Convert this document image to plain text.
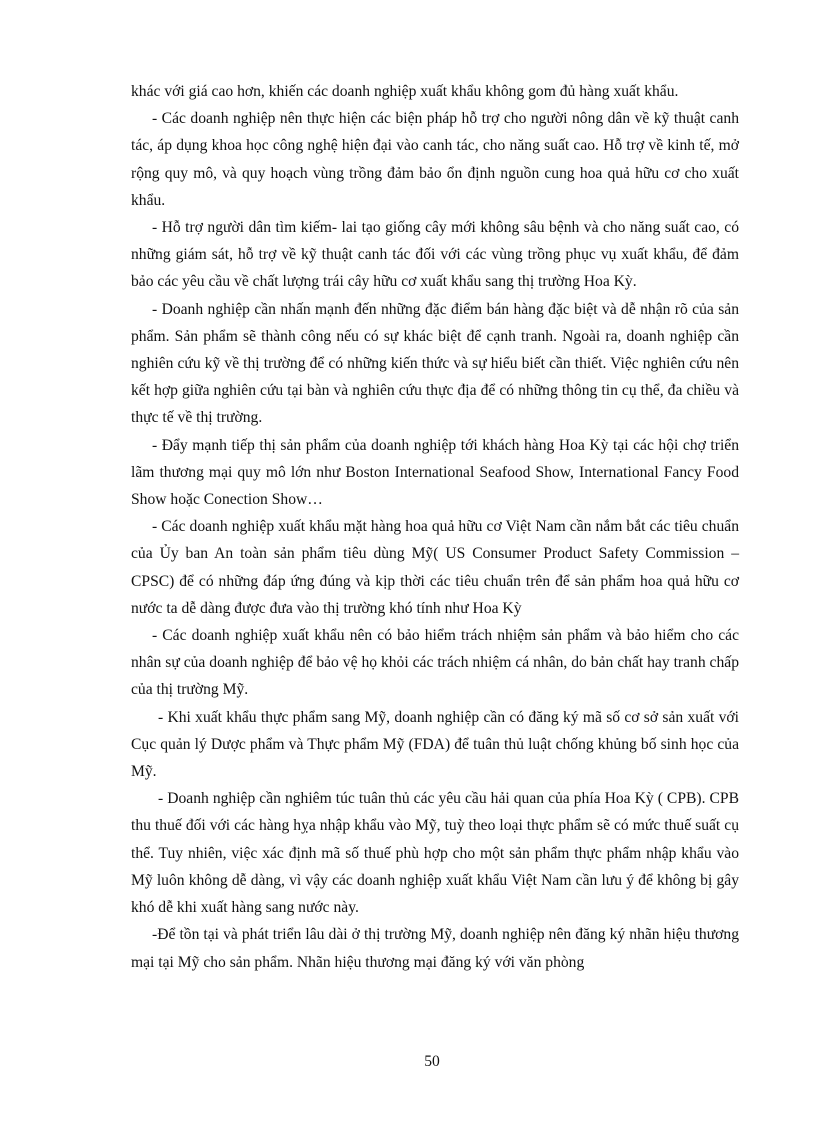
khác với giá cao hơn, khiến các doanh nghiệp xuất khẩu không gom đủ hàng xuất khẩu.

- Các doanh nghiệp nên thực hiện các biện pháp hỗ trợ cho người nông dân về kỹ thuật canh tác, áp dụng khoa học công nghệ hiện đại vào canh tác, cho năng suất cao. Hỗ trợ về kinh tế, mở rộng quy mô, và quy hoạch vùng trồng đảm bảo ổn định nguồn cung hoa quả hữu cơ cho xuất khẩu.

- Hỗ trợ người dân tìm kiếm- lai tạo giống cây mới không sâu bệnh và cho năng suất cao, có những giám sát, hỗ trợ về kỹ thuật canh tác đối với các vùng trồng phục vụ xuất khẩu, để đảm bảo các yêu cầu về chất lượng trái cây hữu cơ xuất khẩu sang thị trường Hoa Kỳ.

- Doanh nghiệp cần nhấn mạnh đến những đặc điểm bán hàng đặc biệt và dễ nhận rõ của sản phẩm. Sản phẩm sẽ thành công nếu có sự khác biệt để cạnh tranh. Ngoài ra, doanh nghiệp cần nghiên cứu kỹ về thị trường để có những kiến thức và sự hiểu biết cần thiết. Việc nghiên cứu nên kết hợp giữa nghiên cứu tại bàn và nghiên cứu thực địa để có những thông tin cụ thể, đa chiều và thực tế về thị trường.

- Đẩy mạnh tiếp thị sản phẩm của doanh nghiệp tới khách hàng Hoa Kỳ tại các hội chợ triển lãm thương mại quy mô lớn như Boston International Seafood Show, International Fancy Food Show hoặc Conection Show…

- Các doanh nghiệp xuất khẩu mặt hàng hoa quả hữu cơ Việt Nam cần nắm bắt các tiêu chuẩn của Ủy ban An toàn sản phẩm tiêu dùng Mỹ( US Consumer Product Safety Commission – CPSC) để có những đáp ứng đúng và kịp thời các tiêu chuẩn trên để sản phẩm hoa quả hữu cơ nước ta dễ dàng được đưa vào thị trường khó tính như Hoa Kỳ

- Các doanh nghiệp xuất khẩu nên có bảo hiểm trách nhiệm sản phẩm và bảo hiểm cho các nhân sự của doanh nghiệp để bảo vệ họ khỏi các trách nhiệm cá nhân, do bản chất hay tranh chấp của thị trường Mỹ.

- Khi xuất khẩu thực phẩm sang Mỹ, doanh nghiệp cần có đăng ký mã số cơ sở sản xuất với Cục quản lý Dược phẩm và Thực phẩm Mỹ (FDA) để tuân thủ luật chống khủng bố sinh học của Mỹ.

- Doanh nghiệp cần nghiêm túc tuân thủ các yêu cầu hải quan của phía Hoa Kỳ ( CPB). CPB thu thuế đối với các hàng hỵa nhập khẩu vào Mỹ, tuỳ theo loại thực phẩm sẽ có mức thuế suất cụ thể. Tuy nhiên, việc xác định mã số thuế phù hợp cho một sản phẩm thực phẩm nhập khẩu vào Mỹ luôn không dễ dàng, vì vậy các doanh nghiệp xuất khẩu Việt Nam cần lưu ý để không bị gây khó dễ khi xuất hàng sang nước này.

-Để tồn tại và phát triển lâu dài ở thị trường Mỹ, doanh nghiệp nên đăng ký nhãn hiệu thương mại tại Mỹ cho sản phẩm. Nhãn hiệu thương mại đăng ký với văn phòng

50
